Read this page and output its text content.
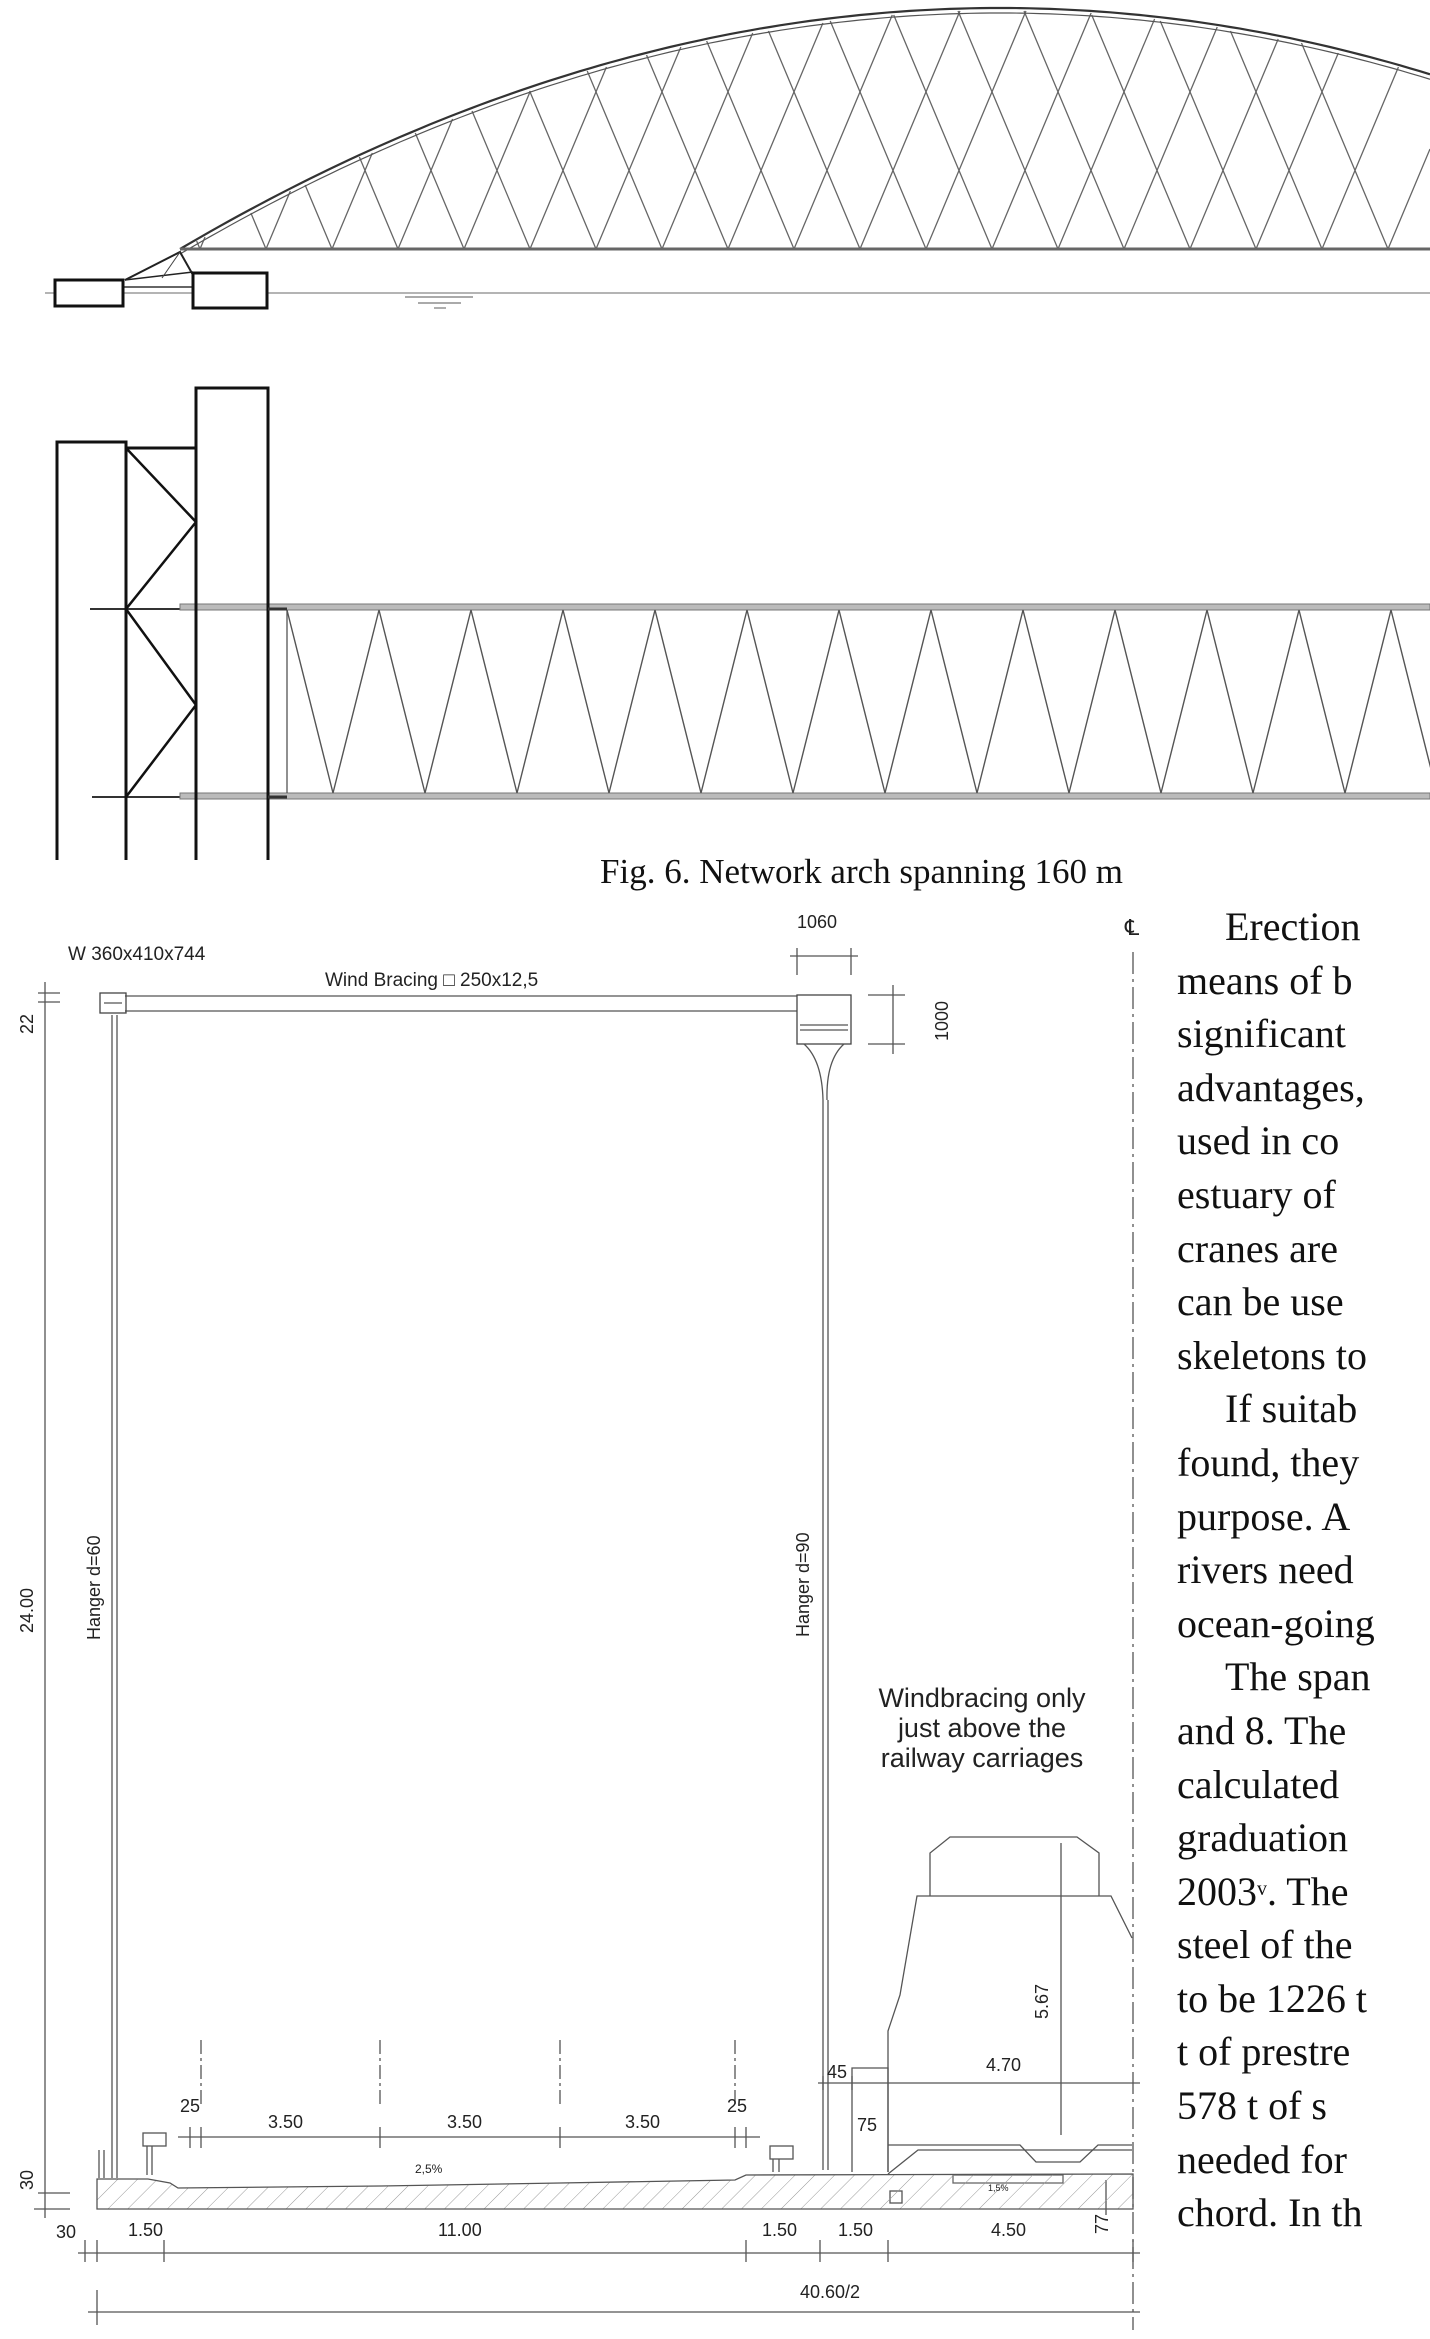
Fig. 6. Network arch spanning 160 m
W 360x410x744
Wind Bracing □ 250x12,5
1060	℄
1000
22
24.00	Hanger d=60	Hanger d=90
30
Windbracing only
just above the
railway carriages
5.67
4.70
45
75
77
25	25
3.50	3.50	3.50
2,5%
1,5%
30	1.50	11.00	1.50 1.50	4.50
40.60/2
Erection
means of b
significant
advantages,
used in co
estuary of
cranes are
can be use
skeletons to
If suitab
found, they
purpose. A
rivers need
ocean-going
The span
and 8. The
calculated
graduation
2003$^v$. The
steel of the
to be 1226 t
t of prestre
578 t of s
needed for
chord. In th
